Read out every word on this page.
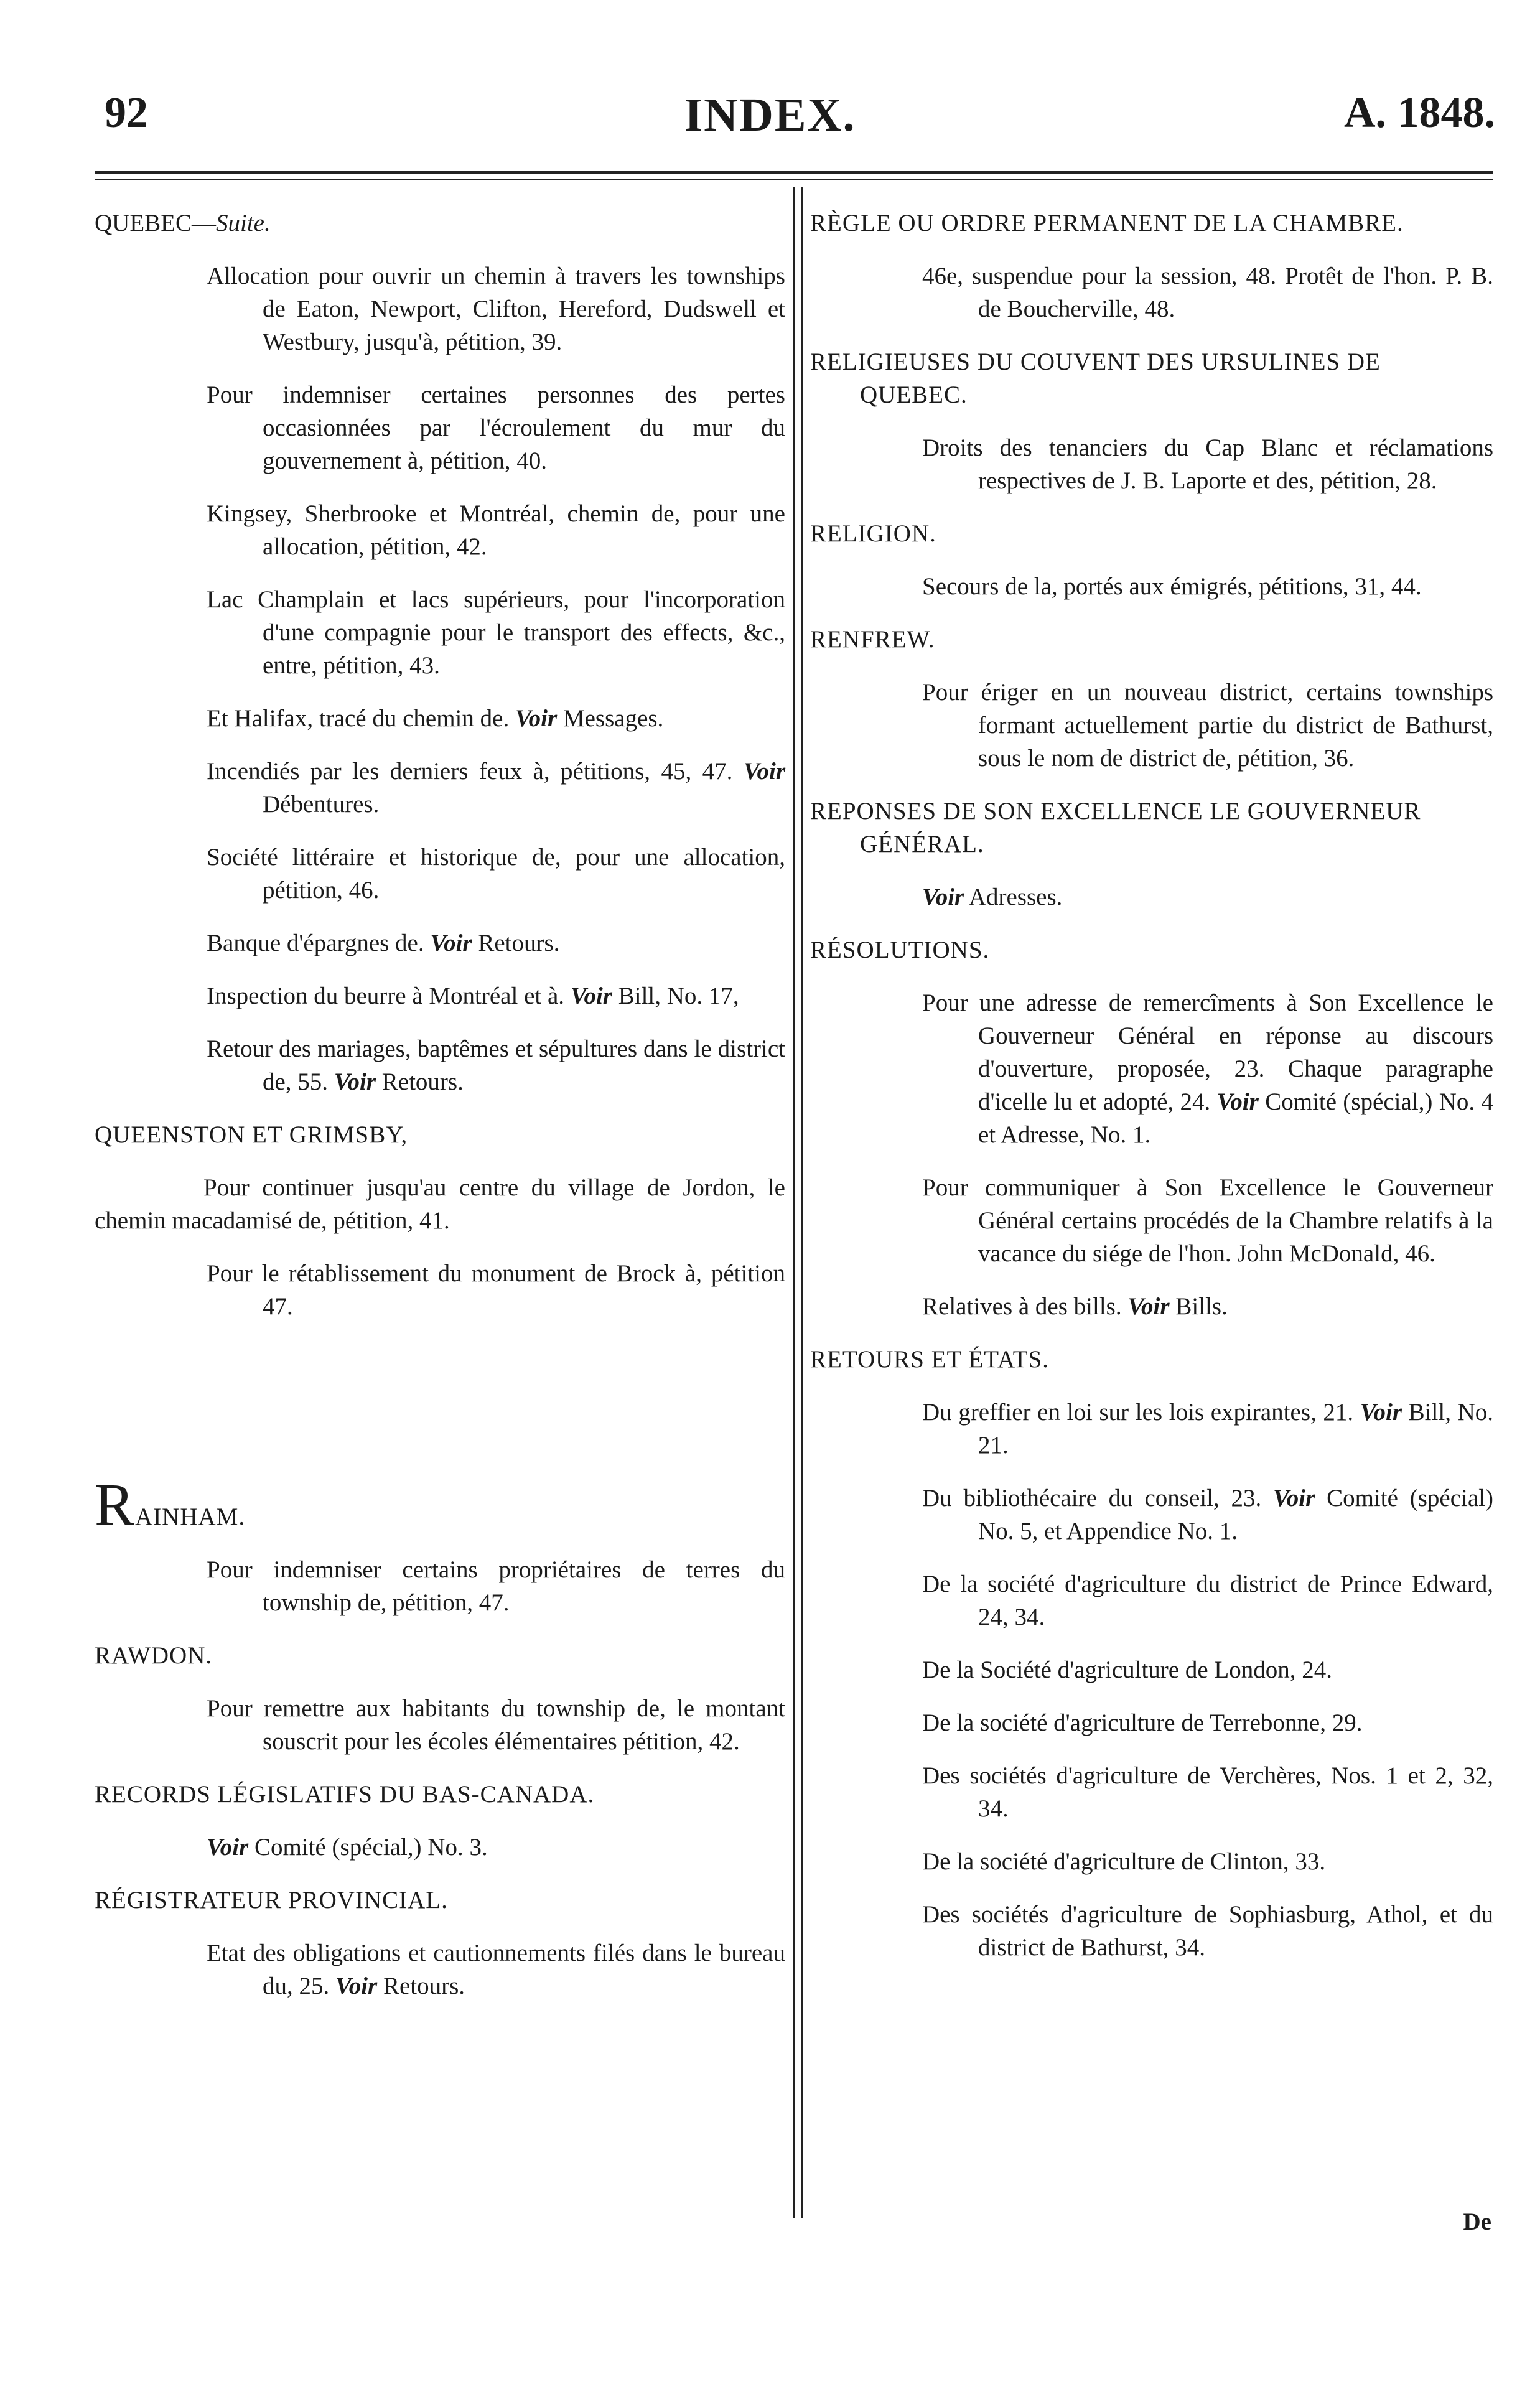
92	INDEX.	A. 1848.
QUEBEC—Suite.
Allocation pour ouvrir un chemin à travers les townships de Eaton, Newport, Clifton, Hereford, Dudswell et Westbury, jusqu'à, pétition, 39.
Pour indemniser certaines personnes des pertes occasionnées par l'écroulement du mur du gouvernement à, pétition, 40.
Kingsey, Sherbrooke et Montréal, chemin de, pour une allocation, pétition, 42.
Lac Champlain et lacs supérieurs, pour l'incorporation d'une compagnie pour le transport des effects, &c., entre, pétition, 43.
Et Halifax, tracé du chemin de. Voir Messages.
Incendiés par les derniers feux à, pétitions, 45, 47. Voir Débentures.
Société littéraire et historique de, pour une allocation, pétition, 46.
Banque d'épargnes de. Voir Retours.
Inspection du beurre à Montréal et à. Voir Bill, No. 17,
Retour des mariages, baptêmes et sépultures dans le district de, 55. Voir Retours.
QUEENSTON ET GRIMSBY,
Pour continuer jusqu'au centre du village de Jordon, le chemin macadamisé de, pétition, 41.
Pour le rétablissement du monument de Brock à, pétition 47.
RAINHAM.
Pour indemniser certains propriétaires de terres du township de, pétition, 47.
RAWDON.
Pour remettre aux habitants du township de, le montant souscrit pour les écoles élémentaires pétition, 42.
RECORDS LÉGISLATIFS DU BAS-CANADA.
Voir Comité (spécial,) No. 3.
RÉGISTRATEUR PROVINCIAL.
Etat des obligations et cautionnements filés dans le bureau du, 25. Voir Retours.
RÈGLE OU ORDRE PERMANENT DE LA CHAMBRE.
46e, suspendue pour la session, 48. Protêt de l'hon. P. B. de Boucherville, 48.
RELIGIEUSES DU COUVENT DES URSULINES DE QUEBEC.
Droits des tenanciers du Cap Blanc et réclamations respectives de J. B. Laporte et des, pétition, 28.
RELIGION.
Secours de la, portés aux émigrés, pétitions, 31, 44.
RENFREW.
Pour ériger en un nouveau district, certains townships formant actuellement partie du district de Bathurst, sous le nom de district de, pétition, 36.
REPONSES DE SON EXCELLENCE LE GOUVERNEUR GÉNÉRAL.
Voir Adresses.
RÉSOLUTIONS.
Pour une adresse de remercîments à Son Excellence le Gouverneur Général en réponse au discours d'ouverture, proposée, 23. Chaque paragraphe d'icelle lu et adopté, 24. Voir Comité (spécial,) No. 4 et Adresse, No. 1.
Pour communiquer à Son Excellence le Gouverneur Général certains procédés de la Chambre relatifs à la vacance du siége de l'hon. John McDonald, 46.
Relatives à des bills. Voir Bills.
RETOURS ET ÉTATS.
Du greffier en loi sur les lois expirantes, 21. Voir Bill, No. 21.
Du bibliothécaire du conseil, 23. Voir Comité (spécial) No. 5, et Appendice No. 1.
De la société d'agriculture du district de Prince Edward, 24, 34.
De la Société d'agriculture de London, 24.
De la société d'agriculture de Terrebonne, 29.
Des sociétés d'agriculture de Verchères, Nos. 1 et 2, 32, 34.
De la société d'agriculture de Clinton, 33.
Des sociétés d'agriculture de Sophiasburg, Athol, et du district de Bathurst, 34.
De
